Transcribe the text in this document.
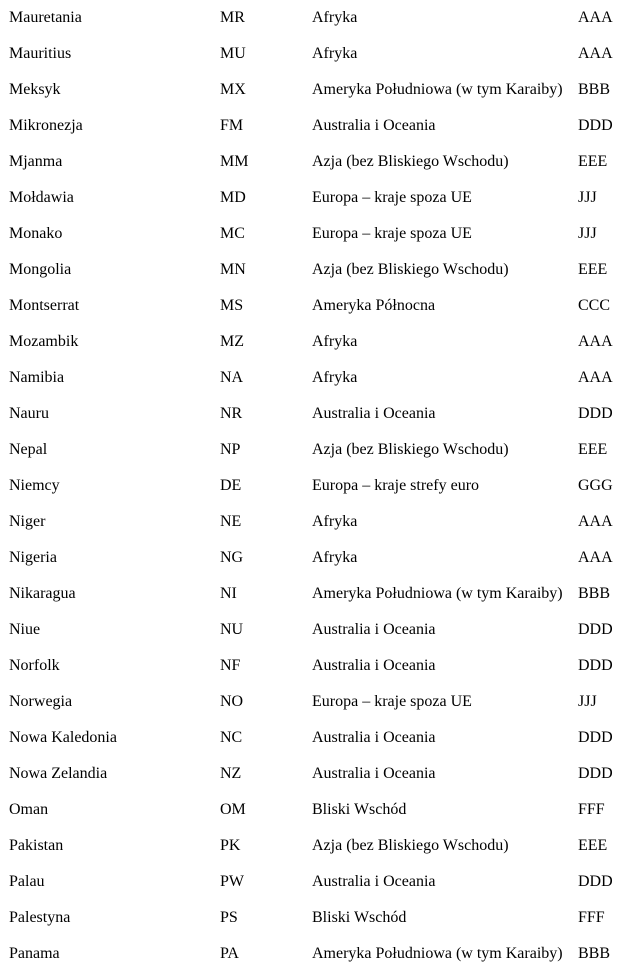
Mauretania	MR	Afryka	AAA
Mauritius	MU	Afryka	AAA
Meksyk	MX	Ameryka Południowa (w tym Karaiby) BBB
Mikronezja	FM	Australia i Oceania	DDD
Mjanma	MM	Azja (bez Bliskiego Wschodu)	EEE
Mołdawia	MD	Europa – kraje spoza UE	JJJ
Monako	MC	Europa – kraje spoza UE	JJJ
Mongolia	MN	Azja (bez Bliskiego Wschodu)	EEE
Montserrat	MS	Ameryka Północna	CCC
Mozambik	MZ	Afryka	AAA
Namibia	NA	Afryka	AAA
Nauru	NR	Australia i Oceania	DDD
Nepal	NP	Azja (bez Bliskiego Wschodu)	EEE
Niemcy	DE	Europa – kraje strefy euro	GGG
Niger	NE	Afryka	AAA
Nigeria	NG	Afryka	AAA
Nikaragua	NI	Ameryka Południowa (w tym Karaiby) BBB
Niue	NU	Australia i Oceania	DDD
Norfolk	NF	Australia i Oceania	DDD
Norwegia	NO	Europa – kraje spoza UE	JJJ
Nowa Kaledonia	NC	Australia i Oceania	DDD
Nowa Zelandia	NZ	Australia i Oceania	DDD
Oman	OM	Bliski Wschód	FFF
Pakistan	PK	Azja (bez Bliskiego Wschodu)	EEE
Palau	PW	Australia i Oceania	DDD
Palestyna	PS	Bliski Wschód	FFF
Panama	PA	Ameryka Południowa (w tym Karaiby) BBB
